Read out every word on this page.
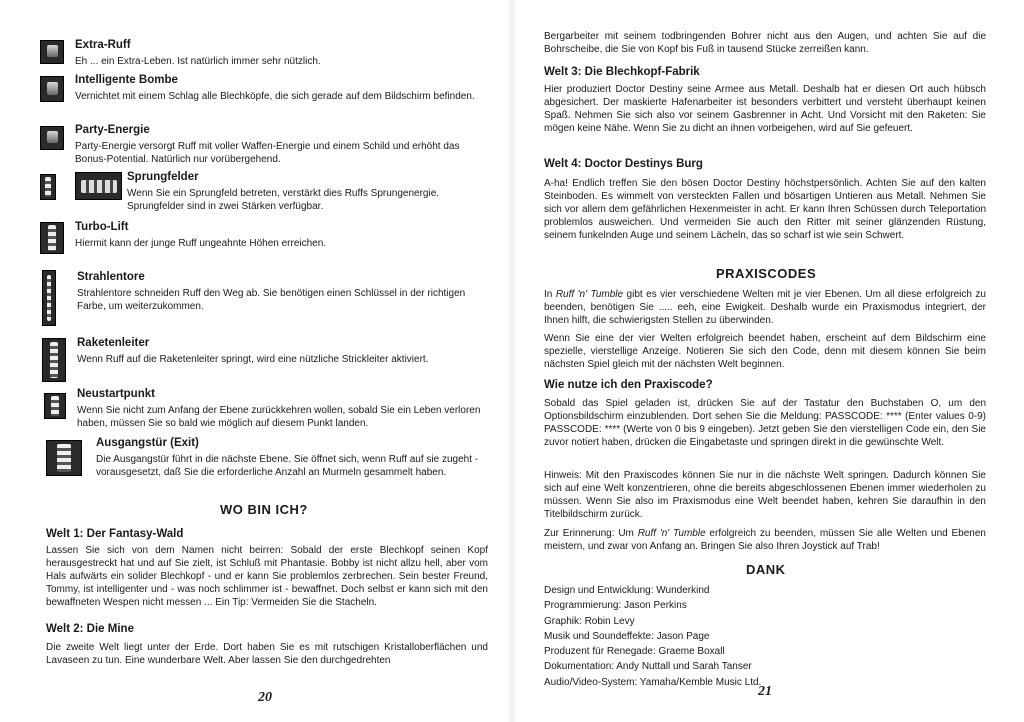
Extra-Ruff
Eh ... ein Extra-Leben. Ist natürlich immer sehr nützlich.
Intelligente Bombe
Vernichtet mit einem Schlag alle Blechköpfe, die sich gerade auf dem Bildschirm befinden.
Party-Energie
Party-Energie versorgt Ruff mit voller Waffen-Energie und einem Schild und erhöht das Bonus-Potential. Natürlich nur vorübergehend.
Sprungfelder
Wenn Sie ein Sprungfeld betreten, verstärkt dies Ruffs Sprungenergie. Sprungfelder sind in zwei Stärken verfügbar.
Turbo-Lift
Hiermit kann der junge Ruff ungeahnte Höhen erreichen.
Strahlentore
Strahlentore schneiden Ruff den Weg ab. Sie benötigen einen Schlüssel in der richtigen Farbe, um weiterzukommen.
Raketenleiter
Wenn Ruff auf die Raketenleiter springt, wird eine nützliche Strickleiter aktiviert.
Neustartpunkt
Wenn Sie nicht zum Anfang der Ebene zurückkehren wollen, sobald Sie ein Leben verloren haben, müssen Sie so bald wie möglich auf diesem Punkt landen.
Ausgangstür (Exit)
Die Ausgangstür führt in die nächste Ebene. Sie öffnet sich, wenn Ruff auf sie zugeht - vorausgesetzt, daß Sie die erforderliche Anzahl an Murmeln gesammelt haben.
WO BIN ICH?
Welt 1: Der Fantasy-Wald
Lassen Sie sich von dem Namen nicht beirren: Sobald der erste Blechkopf seinen Kopf herausgestreckt hat und auf Sie zielt, ist Schluß mit Phantasie. Bobby ist nicht allzu hell, aber vom Hals aufwärts ein solider Blechkopf - und er kann Sie problemlos zerbrechen. Sein bester Freund, Tommy, ist intelligenter und - was noch schlimmer ist - bewaffnet. Doch selbst er kann sich mit den bewaffneten Wespen nicht messen ... Ein Tip: Vermeiden Sie die Stacheln.
Welt 2: Die Mine
Die zweite Welt liegt unter der Erde. Dort haben Sie es mit rutschigen Kristalloberflächen und Lavaseen zu tun. Eine wunderbare Welt. Aber lassen Sie den durchgedrehten
20
Bergarbeiter mit seinem todbringenden Bohrer nicht aus den Augen, und achten Sie auf die Bohrscheibe, die Sie von Kopf bis Fuß in tausend Stücke zerreißen kann.
Welt 3: Die Blechkopf-Fabrik
Hier produziert Doctor Destiny seine Armee aus Metall. Deshalb hat er diesen Ort auch hübsch abgesichert. Der maskierte Hafenarbeiter ist besonders verbittert und versteht überhaupt keinen Spaß. Nehmen Sie sich also vor seinem Gasbrenner in Acht. Und Vorsicht mit den Raketen: Sie mögen keine Nähe. Wenn Sie zu dicht an ihnen vorbeigehen, wird auf Sie gefeuert.
Welt 4: Doctor Destinys Burg
A-ha! Endlich treffen Sie den bösen Doctor Destiny höchstpersönlich. Achten Sie auf den kalten Steinboden. Es wimmelt von versteckten Fallen und bösartigen Untieren aus Metall. Nehmen Sie sich vor allem dem gefährlichen Hexenmeister in acht. Er kann Ihren Schüssen durch Teleportation problemlos ausweichen. Und vermeiden Sie auch den Ritter mit seiner glänzenden Rüstung, seinem funkelnden Auge und seinem Lächeln, das so scharf ist wie sein Schwert.
PRAXISCODES
In Ruff 'n' Tumble gibt es vier verschiedene Welten mit je vier Ebenen. Um all diese erfolgreich zu beenden, benötigen Sie ..... eeh, eine Ewigkeit. Deshalb wurde ein Praxismodus integriert, der Ihnen hilft, die schwierigsten Stellen zu überwinden.
Wenn Sie eine der vier Welten erfolgreich beendet haben, erscheint auf dem Bildschirm eine spezielle, vierstellige Anzeige. Notieren Sie sich den Code, denn mit diesem können Sie beim nächsten Spiel gleich mit der nächsten Welt beginnen.
Wie nutze ich den Praxiscode?
Sobald das Spiel geladen ist, drücken Sie auf der Tastatur den Buchstaben O, um den Optionsbildschirm einzublenden. Dort sehen Sie die Meldung: PASSCODE: **** (Enter values 0-9) PASSCODE: **** (Werte von 0 bis 9 eingeben). Jetzt geben Sie den vierstelligen Code ein, den Sie zuvor notiert haben, drücken die Eingabetaste und springen direkt in die gewünschte Welt.
Hinweis: Mit den Praxiscodes können Sie nur in die nächste Welt springen. Dadurch können Sie sich auf eine Welt konzentrieren, ohne die bereits abgeschlossenen Ebenen immer wiederholen zu müssen. Wenn Sie also im Praxismodus eine Welt beendet haben, kehren Sie daraufhin in den Titelbildschirm zurück.
Zur Erinnerung: Um Ruff 'n' Tumble erfolgreich zu beenden, müssen Sie alle Welten und Ebenen meistern, und zwar von Anfang an. Bringen Sie also Ihren Joystick auf Trab!
DANK
Design und Entwicklung: Wunderkind
Programmierung: Jason Perkins
Graphik: Robin Levy
Musik und Soundeffekte: Jason Page
Produzent für Renegade: Graeme Boxall
Dokumentation: Andy Nuttall und Sarah Tanser
Audio/Video-System: Yamaha/Kemble Music Ltd.
21
